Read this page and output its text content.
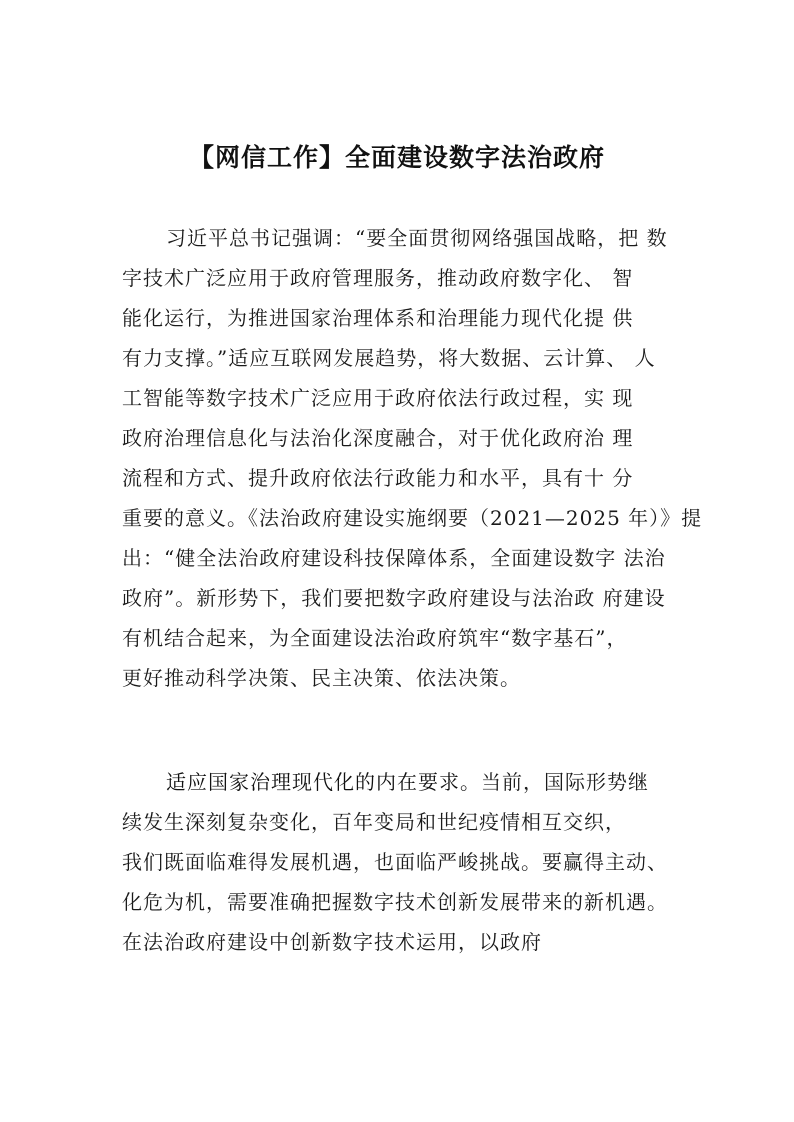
【网信工作】全面建设数字法治政府
习近平总书记强调：“要全面贯彻网络强国战略，把 数
字技术广泛应用于政府管理服务，推动政府数字化、 智
能化运行，为推进国家治理体系和治理能力现代化提 供
有力支撑。”适应互联网发展趋势，将大数据、云计算、 人
工智能等数字技术广泛应用于政府依法行政过程，实 现
政府治理信息化与法治化深度融合，对于优化政府治 理
流程和方式、提升政府依法行政能力和水平，具有十 分
重要的意义。《法治政府建设实施纲要（2021—2025 年）》提
出：“健全法治政府建设科技保障体系，全面建设数字 法治
政府”。新形势下，我们要把数字政府建设与法治政 府建设
有机结合起来，为全面建设法治政府筑牢“数字基石”，
更好推动科学决策、民主决策、依法决策。
适应国家治理现代化的内在要求。当前，国际形势继
续发生深刻复杂变化，百年变局和世纪疫情相互交织，
我们既面临难得发展机遇，也面临严峻挑战。要赢得主动、
化危为机，需要准确把握数字技术创新发展带来的新机遇。
在法治政府建设中创新数字技术运用，以政府
